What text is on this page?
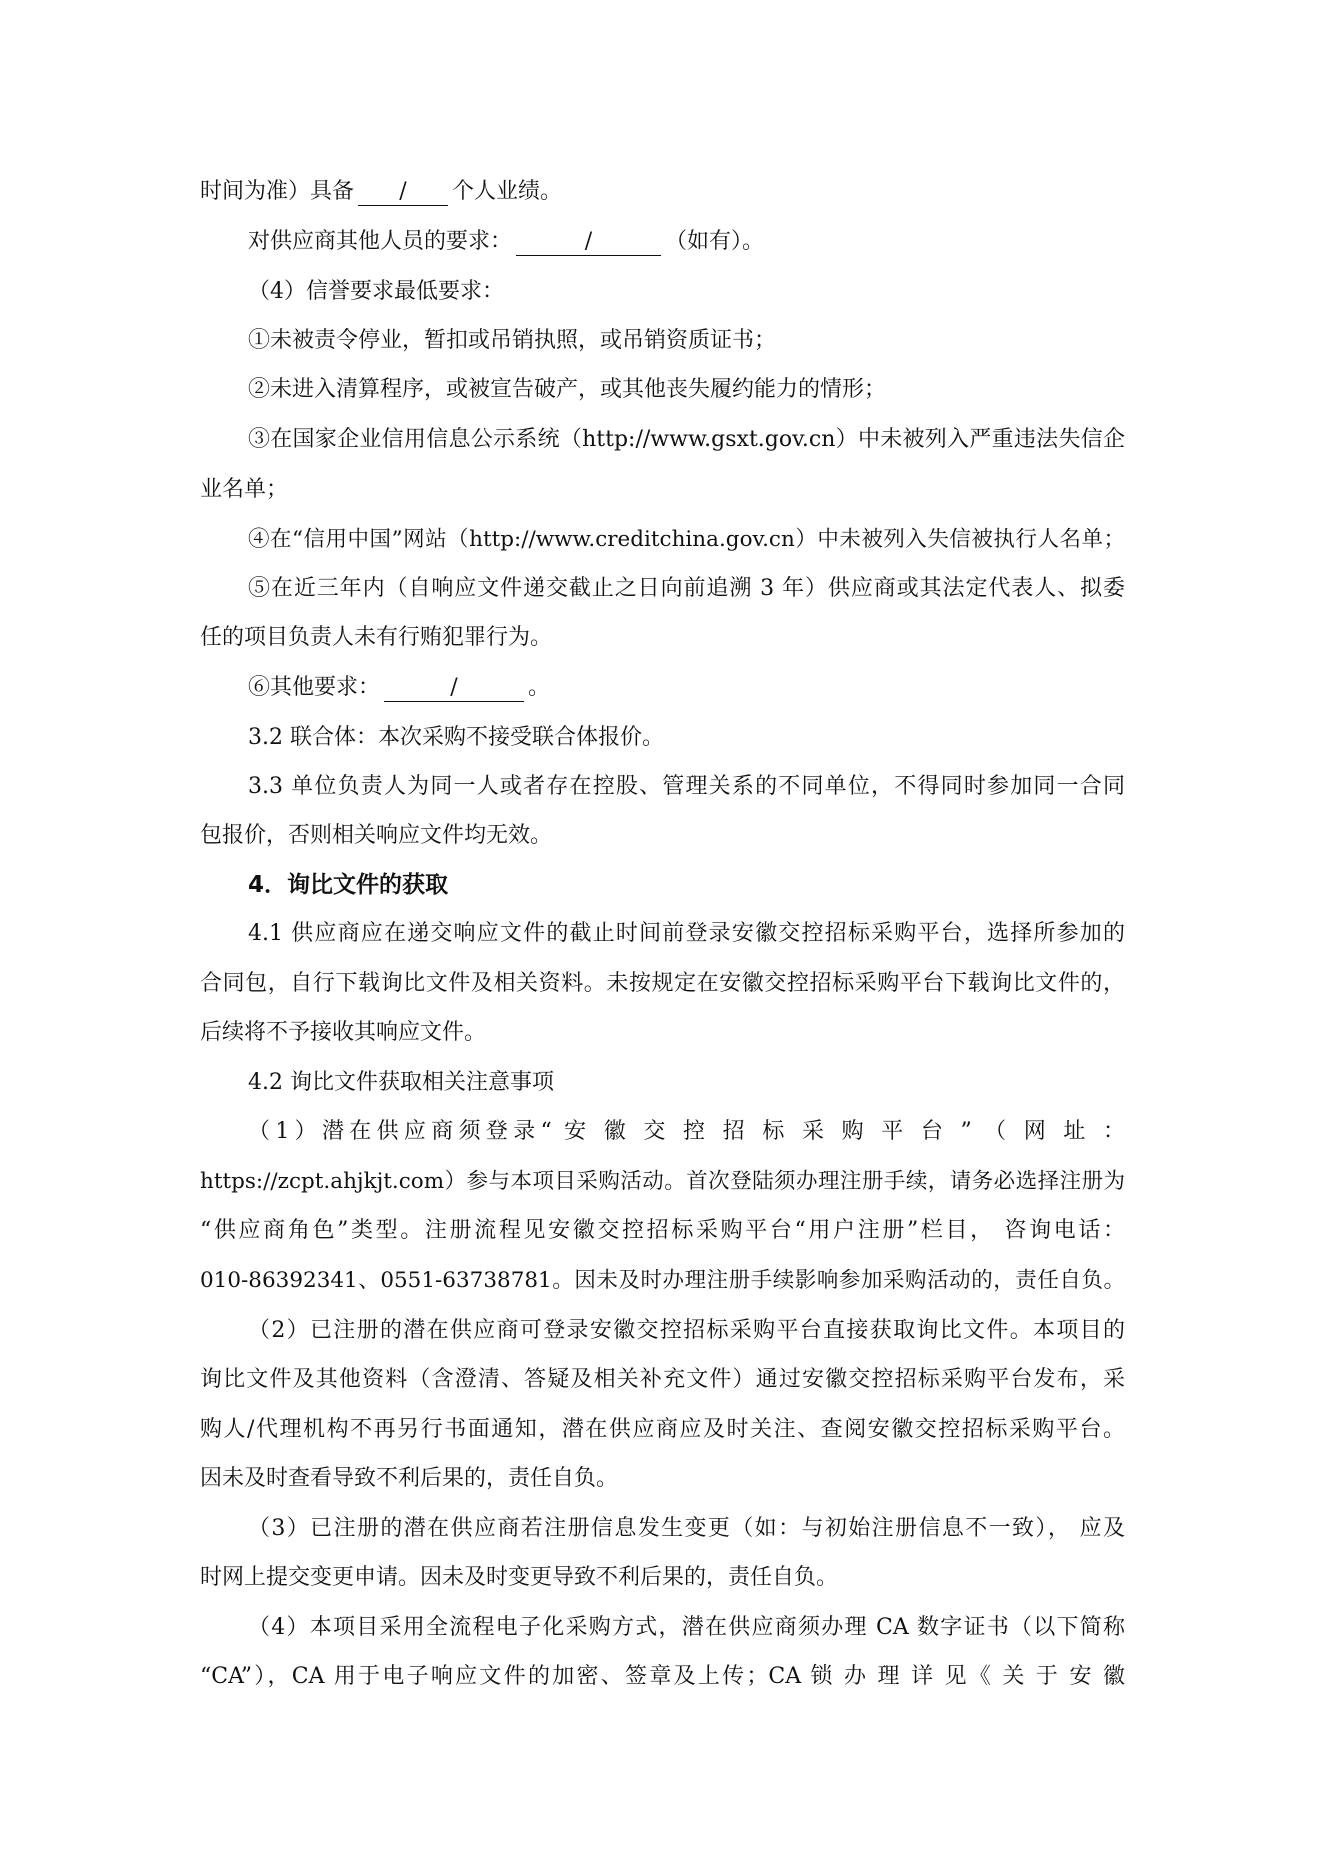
时间为准）具备 / 个人业绩。
对供应商其他人员的要求：	/	（如有）。
（4）信誉要求最低要求：
①未被责令停业，暂扣或吊销执照，或吊销资质证书；
②未进入清算程序，或被宣告破产，或其他丧失履约能力的情形；
③在国家企业信用信息公示系统（http://www.gsxt.gov.cn）中未被列入严重违法失信企
业名单；
④在“信用中国”网站（http://www.creditchina.gov.cn）中未被列入失信被执行人名单；
⑤在近三年内（自响应文件递交截止之日向前追溯 3 年）供应商或其法定代表人、拟委
任的项目负责人未有行贿犯罪行为。
⑥其他要求：	/	。
3.2 联合体：本次采购不接受联合体报价。
3.3 单位负责人为同一人或者存在控股、管理关系的不同单位，不得同时参加同一合同
包报价，否则相关响应文件均无效。
4．询比文件的获取
4.1 供应商应在递交响应文件的截止时间前登录安徽交控招标采购平台，选择所参加的
合同包，自行下载询比文件及相关资料。未按规定在安徽交控招标采购平台下载询比文件的，
后续将不予接收其响应文件。
4.2 询比文件获取相关注意事项
（1）潜在供应商须登录“ 安 徽 交 控 招 标 采 购 平 台 ” （ 网 址 ：
https://zcpt.ahjkjt.com）参与本项目采购活动。首次登陆须办理注册手续，请务必选择注册为
“供应商角色”类型。注册流程见安徽交控招标采购平台“用户注册”栏目， 咨询电话：
010-86392341、0551-63738781。因未及时办理注册手续影响参加采购活动的，责任自负。
（2）已注册的潜在供应商可登录安徽交控招标采购平台直接获取询比文件。本项目的
询比文件及其他资料（含澄清、答疑及相关补充文件）通过安徽交控招标采购平台发布，采
购人/代理机构不再另行书面通知，潜在供应商应及时关注、查阅安徽交控招标采购平台。
因未及时查看导致不利后果的，责任自负。
（3）已注册的潜在供应商若注册信息发生变更（如：与初始注册信息不一致）， 应及
时网上提交变更申请。因未及时变更导致不利后果的，责任自负。
（4）本项目采用全流程电子化采购方式，潜在供应商须办理 CA 数字证书（以下简称
“CA”），CA 用于电子响应文件的加密、签章及上传；CA 锁 办 理 详 见《 关 于 安 徽
